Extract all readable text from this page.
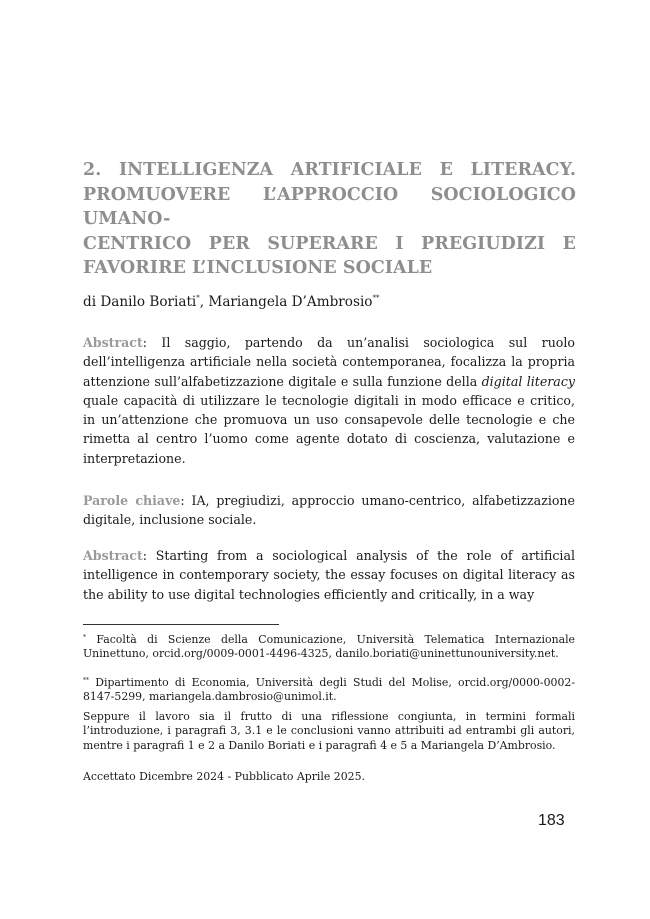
2. INTELLIGENZA ARTIFICIALE E LITERACY.
PROMUOVERE L’APPROCCIO SOCIOLOGICO UMANO-
CENTRICO PER SUPERARE I PREGIUDIZI E
FAVORIRE L’INCLUSIONE SOCIALE
di Danilo Boriati*, Mariangela D’Ambrosio**

Abstract: Il saggio, partendo da un’analisi sociologica sul ruolo dell’intelligenza artificiale nella società contemporanea, focalizza la propria attenzione sull’alfabetizzazione digitale e sulla funzione della digital literacy quale capacità di utilizzare le tecnologie digitali in modo efficace e critico, in un’attenzione che promuova un uso consapevole delle tecnologie e che rimetta al centro l’uomo come agente dotato di coscienza, valutazione e interpretazione.

Parole chiave: IA, pregiudizi, approccio umano-centrico, alfabetizzazione digitale, inclusione sociale.

Abstract: Starting from a sociological analysis of the role of artificial intelligence in contemporary society, the essay focuses on digital literacy as the ability to use digital technologies efficiently and critically, in a way

* Facoltà di Scienze della Comunicazione, Università Telematica Internazionale Uninettuno, orcid.org/0009-0001-4496-4325, danilo.boriati@uninettunouniversity.net.

** Dipartimento di Economia, Università degli Studi del Molise, orcid.org/0000-0002-8147-5299, mariangela.dambrosio@unimol.it.

Seppure il lavoro sia il frutto di una riflessione congiunta, in termini formali l’introduzione, i paragrafi 3, 3.1 e le conclusioni vanno attribuiti ad entrambi gli autori, mentre i paragrafi 1 e 2 a Danilo Boriati e i paragrafi 4 e 5 a Mariangela D’Ambrosio.

Accettato Dicembre 2024 - Pubblicato Aprile 2025.

183
